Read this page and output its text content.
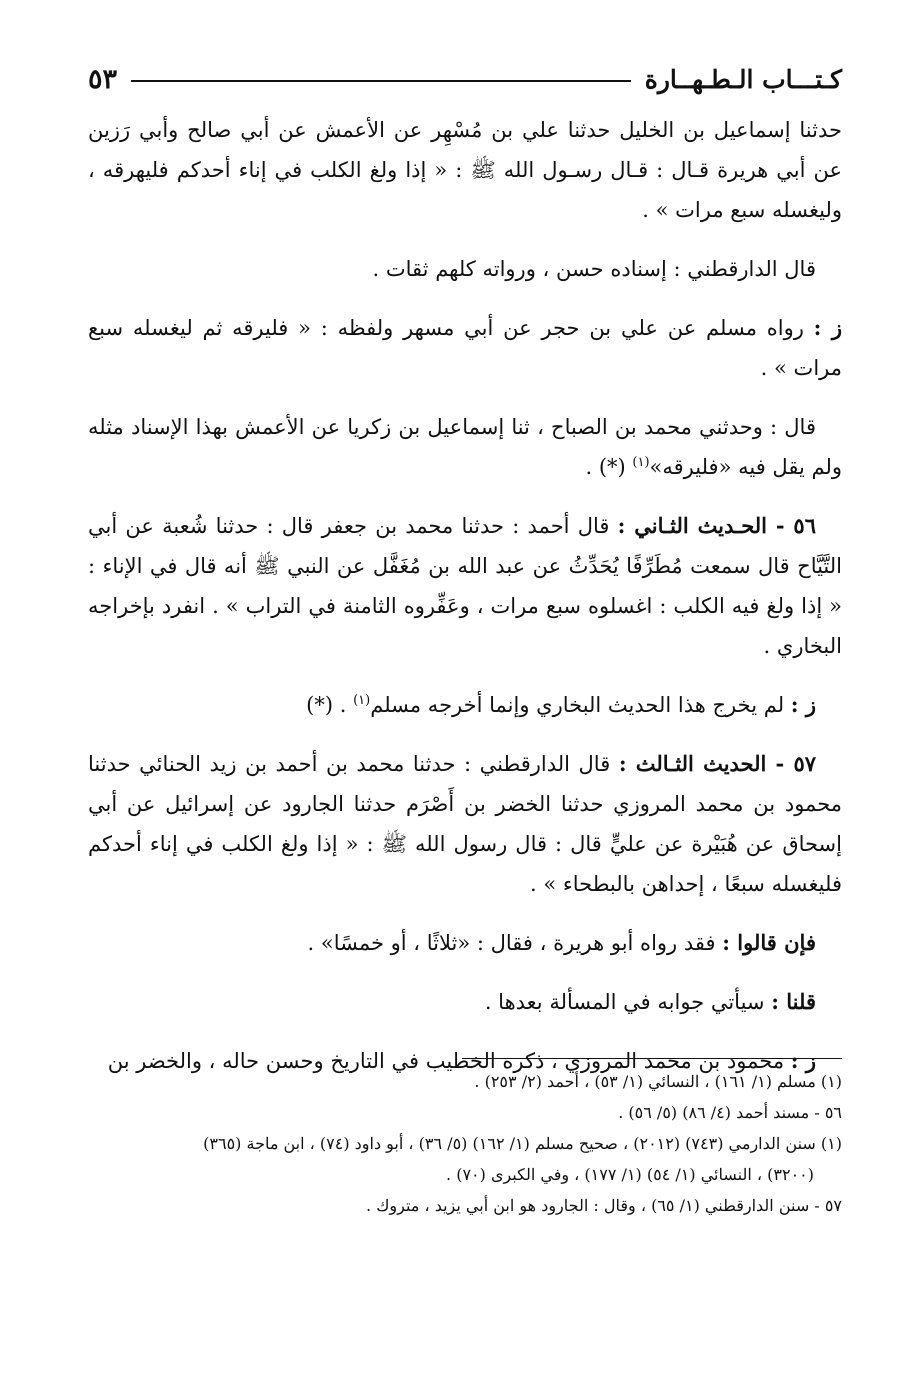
كـتـــاب الـطـهــارة
٥٣

حدثنا إسماعيل بن الخليل حدثنا علي بن مُسْهِر عن الأعمش عن أبي صالح وأبي رَزين عن أبي هريرة قـال : قـال رسـول الله ﷺ : « إذا ولغ الكلب في إناء أحدكم فليهرقه ، وليغسله سبع مرات » .

قال الدارقطني : إسناده حسن ، ورواته كلهم ثقات .

ز : رواه مسلم عن علي بن حجر عن أبي مسهر ولفظه : « فليرقه ثم ليغسله سبع مرات » .

قال : وحدثني محمد بن الصباح ، ثنا إسماعيل بن زكريا عن الأعمش بهذا الإسناد مثله ولم يقل فيه «فليرقه»$^{(١)}$ (*) .

٥٦ - الحـديث الثـاني : قال أحمد : حدثنا محمد بن جعفر قال : حدثنا شُعبة عن أبي التَّيَّاح قال سمعت مُطَرِّفًا يُحَدِّثُ عن عبد الله بن مُغَفَّل عن النبي ﷺ أنه قال في الإناء : « إذا ولغ فيه الكلب : اغسلوه سبع مرات ، وعَفِّروه الثامنة في التراب » . انفرد بإخراجه البخاري .

ز : لم يخرج هذا الحديث البخاري وإنما أخرجه مسلم$^{(١)}$ . (*)

٥٧ - الحديث الثـالث : قال الدارقطني : حدثنا محمد بن أحمد بن زيد الحنائي حدثنا محمود بن محمد المروزي حدثنا الخضر بن أَصْرَم حدثنا الجارود عن إسرائيل عن أبي إسحاق عن هُبَيْرة عن عليٍّ قال : قال رسول الله ﷺ : « إذا ولغ الكلب في إناء أحدكم فليغسله سبعًا ، إحداهن بالبطحاء » .

فإن قالوا : فقد رواه أبو هريرة ، فقال : «ثلاثًا ، أو خمسًا» .

قلنا : سيأتي جوابه في المسألة بعدها .

ز : محمود بن محمد المروزي ، ذكره الخطيب في التاريخ وحسن حاله ، والخضر بن

(١) مسلم (١/ ١٦١) ، النسائي (١/ ٥٣) ، أحمد (٢/ ٢٥٣) .

٥٦ - مسند أحمد (٤/ ٨٦) (٥/ ٥٦) .

(١) سنن الدارمي (٧٤٣) (٢٠١٢) ، صحيح مسلم (١/ ١٦٢) (٥/ ٣٦) ، أبو داود (٧٤) ، ابن ماجة (٣٦٥)

(٣٢٠٠) ، النسائي (١/ ٥٤) (١/ ١٧٧) ، وفي الكبرى (٧٠) .

٥٧ - سنن الدارقطني (١/ ٦٥) ، وقال : الجارود هو ابن أبي يزيد ، متروك .
